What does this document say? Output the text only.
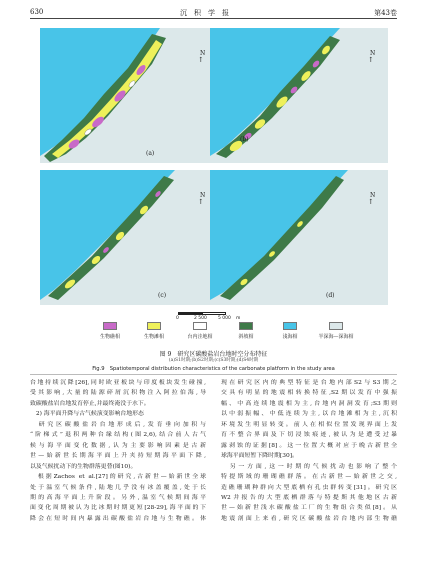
630	沉　积　学　报	第43卷
N
↑
(a)
N
↑
(b)
N
↑
(c)
N
↑
(d)
0	2 500 5 000 m
生物礁相	生物滩相	台内洼地相	斜坡相	浅海相	半深海—深海相
图 9　研究区碳酸盐岩台地时空分布特征
(a)S1时期;(b)S2时期;(c)S3时期;(d)S4时期
Fig.9　Spatiotemporal distribution characteristics of the carbonate platform in the study area

台地持续沉降[26],同时欧亚板块与印度板块发生碰撞,

受其影响,大量的陆源碎屑沉积物注入阿拉伯海,导

致碳酸盐岩台地发育停止,并最终淹没于水下。

　2) 海平面升降与古气候演变影响台地形态

　研究区碳酸盐岩台地形成后,发育垂向加积与

“阶梯式”退积两种台缘结构(图2,6),结合前人古气

候与海平面变化数据,认为主要影响因素是古新

世—始新世长期海平面上升夹持短期海平面下降,

以及气候扰动下的生物群落更替(图10)。

　根据Zachos et al.[27]的研究,古新世—始新世全球

处于温室气候条件,陆地几乎没有冰盖覆盖,处于长

期的高海平面上升阶段。另外,温室气候期间海平

面变化周期被认为比冰期时期更短[28-29],海平面的下

降会在短时间内暴露出碳酸盐岩台地与生物礁。体

现在研究区内的典型特征是台地内部S2与S3期之

交具有明显的地震相转换特征,S2期以发育中强振

幅、中高连续地震相为主,台地内洞洞发育;S3期则

以中弱振幅、中低连续为主,以台地滩相为主,沉积

环境发生明显转变。前人在相似位置发现界面上发

育不整合界面及下切浸蚀痕迹,被认为是遭受过暴

露剥蚀的证据[8]。这一位置大概对应于晚古新世全

球海平面短暂下降时期[30]。

　另一方面,这一时期的气候扰动也影响了整个

特提斯域的珊瑚礁群落。在古新世—始新世之交,

造礁珊瑚种群向大型底栖有孔虫群转变[31]。研究区

W2井报告的大型底栖群落与特提斯其他地区古新

世—始新世浅水碳酸盐工厂的生物组合类似[8]。从

地震剖面上来看,研究区碳酸盐岩台地内部生物礁
